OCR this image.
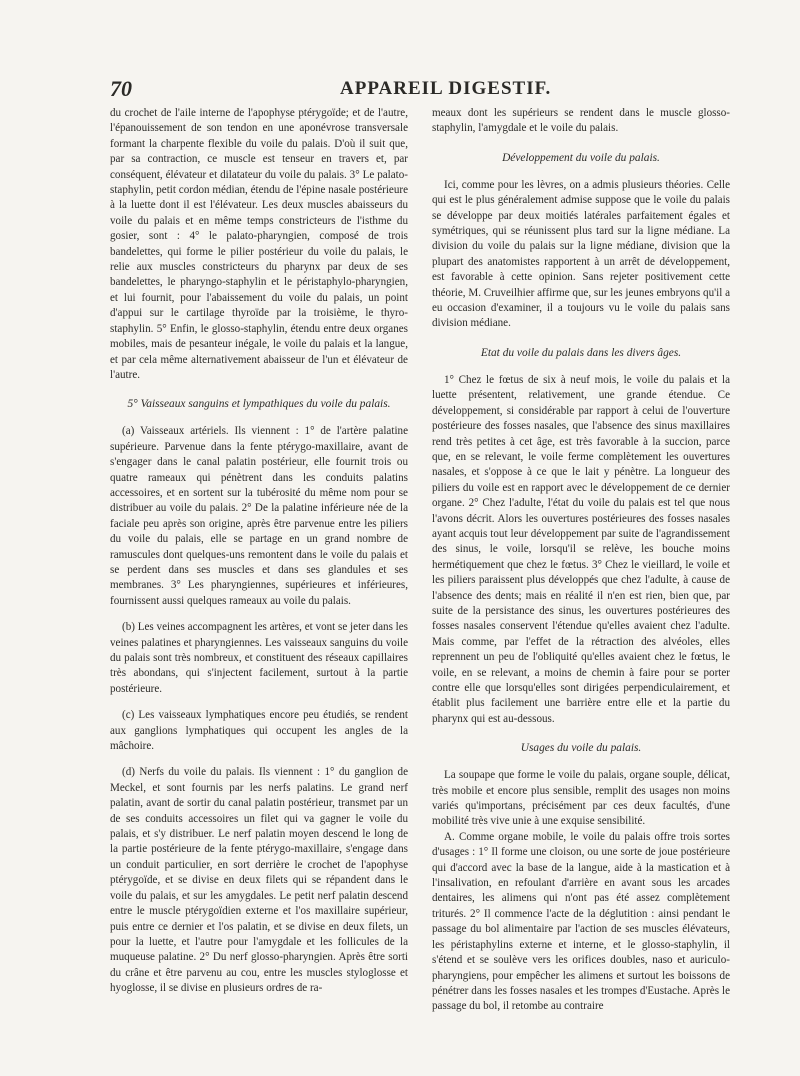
70	APPAREIL DIGESTIF.

du crochet de l'aile interne de l'apophyse ptérygoïde; et de l'autre, l'épanouissement de son tendon en une aponévrose transversale formant la charpente flexible du voile du palais. D'où il suit que, par sa contraction, ce muscle est tenseur en travers et, par conséquent, élévateur et dilatateur du voile du palais. 3° Le palato-staphylin, petit cordon médian, étendu de l'épine nasale postérieure à la luette dont il est l'élévateur. Les deux muscles abaisseurs du voile du palais et en même temps constricteurs de l'isthme du gosier, sont : 4° le palato-pharyngien, composé de trois bandelettes, qui forme le pilier postérieur du voile du palais, le relie aux muscles constricteurs du pharynx par deux de ses bandelettes, le pharyngo-staphylin et le péristaphylo-pharyngien, et lui fournit, pour l'abaissement du voile du palais, un point d'appui sur le cartilage thyroïde par la troisième, le thyro-staphylin. 5° Enfin, le glosso-staphylin, étendu entre deux organes mobiles, mais de pesanteur inégale, le voile du palais et la langue, et par cela même alternativement abaisseur de l'un et élévateur de l'autre.

5° Vaisseaux sanguins et lympathiques du voile du palais.

(a) Vaisseaux artériels. Ils viennent : 1° de l'artère palatine supérieure. Parvenue dans la fente ptérygo-maxillaire, avant de s'engager dans le canal palatin postérieur, elle fournit trois ou quatre rameaux qui pénètrent dans les conduits palatins accessoires, et en sortent sur la tubérosité du même nom pour se distribuer au voile du palais. 2° De la palatine inférieure née de la faciale peu après son origine, après être parvenue entre les piliers du voile du palais, elle se partage en un grand nombre de ramuscules dont quelques-uns remontent dans le voile du palais et se perdent dans ses muscles et dans ses glandules et ses membranes. 3° Les pharyngiennes, supérieures et inférieures, fournissent aussi quelques rameaux au voile du palais.

(b) Les veines accompagnent les artères, et vont se jeter dans les veines palatines et pharyngiennes. Les vaisseaux sanguins du voile du palais sont très nombreux, et constituent des réseaux capillaires très abondans, qui s'injectent facilement, surtout à la partie postérieure.

(c) Les vaisseaux lymphatiques encore peu étudiés, se rendent aux ganglions lymphatiques qui occupent les angles de la mâchoire.

(d) Nerfs du voile du palais. Ils viennent : 1° du ganglion de Meckel, et sont fournis par les nerfs palatins. Le grand nerf palatin, avant de sortir du canal palatin postérieur, transmet par un de ses conduits accessoires un filet qui va gagner le voile du palais, et s'y distribuer. Le nerf palatin moyen descend le long de la partie postérieure de la fente ptérygo-maxillaire, s'engage dans un conduit particulier, en sort derrière le crochet de l'apophyse ptérygoïde, et se divise en deux filets qui se répandent dans le voile du palais, et sur les amygdales. Le petit nerf palatin descend entre le muscle ptérygoïdien externe et l'os maxillaire supérieur, puis entre ce dernier et l'os palatin, et se divise en deux filets, un pour la luette, et l'autre pour l'amygdale et les follicules de la muqueuse palatine. 2° Du nerf glosso-pharyngien. Après être sorti du crâne et être parvenu au cou, entre les muscles styloglosse et hyoglosse, il se divise en plusieurs ordres de ra-

meaux dont les supérieurs se rendent dans le muscle glosso-staphylin, l'amygdale et le voile du palais.

Développement du voile du palais.

Ici, comme pour les lèvres, on a admis plusieurs théories. Celle qui est le plus généralement admise suppose que le voile du palais se développe par deux moitiés latérales parfaitement égales et symétriques, qui se réunissent plus tard sur la ligne médiane. La division du voile du palais sur la ligne médiane, division que la plupart des anatomistes rapportent à un arrêt de développement, est favorable à cette opinion. Sans rejeter positivement cette théorie, M. Cruveilhier affirme que, sur les jeunes embryons qu'il a eu occasion d'examiner, il a toujours vu le voile du palais sans division médiane.

Etat du voile du palais dans les divers âges.

1° Chez le fœtus de six à neuf mois, le voile du palais et la luette présentent, relativement, une grande étendue. Ce développement, si considérable par rapport à celui de l'ouverture postérieure des fosses nasales, que l'absence des sinus maxillaires rend très petites à cet âge, est très favorable à la succion, parce que, en se relevant, le voile ferme complètement les ouvertures nasales, et s'oppose à ce que le lait y pénètre. La longueur des piliers du voile est en rapport avec le développement de ce dernier organe. 2° Chez l'adulte, l'état du voile du palais est tel que nous l'avons décrit. Alors les ouvertures postérieures des fosses nasales ayant acquis tout leur développement par suite de l'agrandissement des sinus, le voile, lorsqu'il se relève, les bouche moins hermétiquement que chez le fœtus. 3° Chez le vieillard, le voile et les piliers paraissent plus développés que chez l'adulte, à cause de l'absence des dents; mais en réalité il n'en est rien, bien que, par suite de la persistance des sinus, les ouvertures postérieures des fosses nasales conservent l'étendue qu'elles avaient chez l'adulte. Mais comme, par l'effet de la rétraction des alvéoles, elles reprennent un peu de l'obliquité qu'elles avaient chez le fœtus, le voile, en se relevant, a moins de chemin à faire pour se porter contre elle que lorsqu'elles sont dirigées perpendiculairement, et établit plus facilement une barrière entre elle et la partie du pharynx qui est au-dessous.

Usages du voile du palais.

La soupape que forme le voile du palais, organe souple, délicat, très mobile et encore plus sensible, remplit des usages non moins variés qu'importans, précisément par ces deux facultés, d'une mobilité très vive unie à une exquise sensibilité.

A. Comme organe mobile, le voile du palais offre trois sortes d'usages : 1° Il forme une cloison, ou une sorte de joue postérieure qui d'accord avec la base de la langue, aide à la mastication et à l'insalivation, en refoulant d'arrière en avant sous les arcades dentaires, les alimens qui n'ont pas été assez complètement triturés. 2° Il commence l'acte de la déglutition : ainsi pendant le passage du bol alimentaire par l'action de ses muscles élévateurs, les péristaphylins externe et interne, et le glosso-staphylin, il s'étend et se soulève vers les orifices doubles, naso et auriculo-pharyngiens, pour empêcher les alimens et surtout les boissons de pénétrer dans les fosses nasales et les trompes d'Eustache. Après le passage du bol, il retombe au contraire
